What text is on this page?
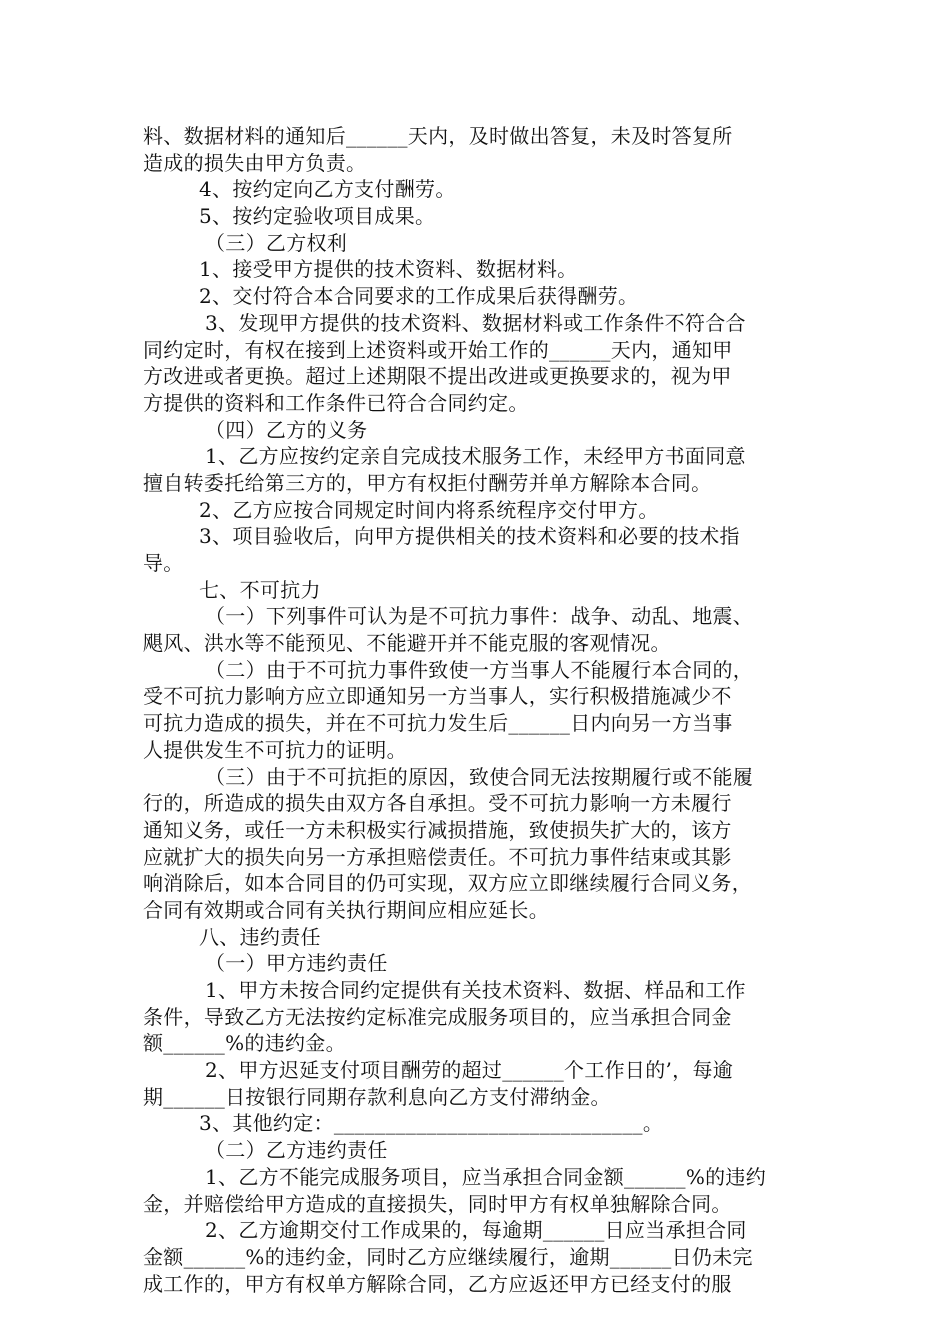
料、数据材料的通知后______天内，及时做出答复，未及时答复所
造成的损失由甲方负责。
4、按约定向乙方支付酬劳。
5、按约定验收项目成果。
（三）乙方权利
1、接受甲方提供的技术资料、数据材料。
2、交付符合本合同要求的工作成果后获得酬劳。
3、发现甲方提供的技术资料、数据材料或工作条件不符合合
同约定时，有权在接到上述资料或开始工作的______天内，通知甲
方改进或者更换。超过上述期限不提出改进或更换要求的，视为甲
方提供的资料和工作条件已符合合同约定。
（四）乙方的义务
1、乙方应按约定亲自完成技术服务工作，未经甲方书面同意
擅自转委托给第三方的，甲方有权拒付酬劳并单方解除本合同。
2、乙方应按合同规定时间内将系统程序交付甲方。
3、项目验收后，向甲方提供相关的技术资料和必要的技术指
导。
七、不可抗力
（一）下列事件可认为是不可抗力事件：战争、动乱、地震、
飓风、洪水等不能预见、不能避开并不能克服的客观情况。
（二）由于不可抗力事件致使一方当事人不能履行本合同的，
受不可抗力影响方应立即通知另一方当事人，实行积极措施减少不
可抗力造成的损失，并在不可抗力发生后______日内向另一方当事
人提供发生不可抗力的证明。
（三）由于不可抗拒的原因，致使合同无法按期履行或不能履
行的，所造成的损失由双方各自承担。受不可抗力影响一方未履行
通知义务，或任一方未积极实行减损措施，致使损失扩大的，该方
应就扩大的损失向另一方承担赔偿责任。不可抗力事件结束或其影
响消除后，如本合同目的仍可实现，双方应立即继续履行合同义务，
合同有效期或合同有关执行期间应相应延长。
八、违约责任
（一）甲方违约责任
1、甲方未按合同约定提供有关技术资料、数据、样品和工作
条件，导致乙方无法按约定标准完成服务项目的，应当承担合同金
额______%的违约金。
2、甲方迟延支付项目酬劳的超过______个工作日的’，每逾
期______日按银行同期存款利息向乙方支付滞纳金。
3、其他约定：______________________________。
（二）乙方违约责任
1、乙方不能完成服务项目，应当承担合同金额______%的违约
金，并赔偿给甲方造成的直接损失，同时甲方有权单独解除合同。
2、乙方逾期交付工作成果的，每逾期______日应当承担合同
金额______%的违约金，同时乙方应继续履行，逾期______日仍未完
成工作的，甲方有权单方解除合同，乙方应返还甲方已经支付的服
